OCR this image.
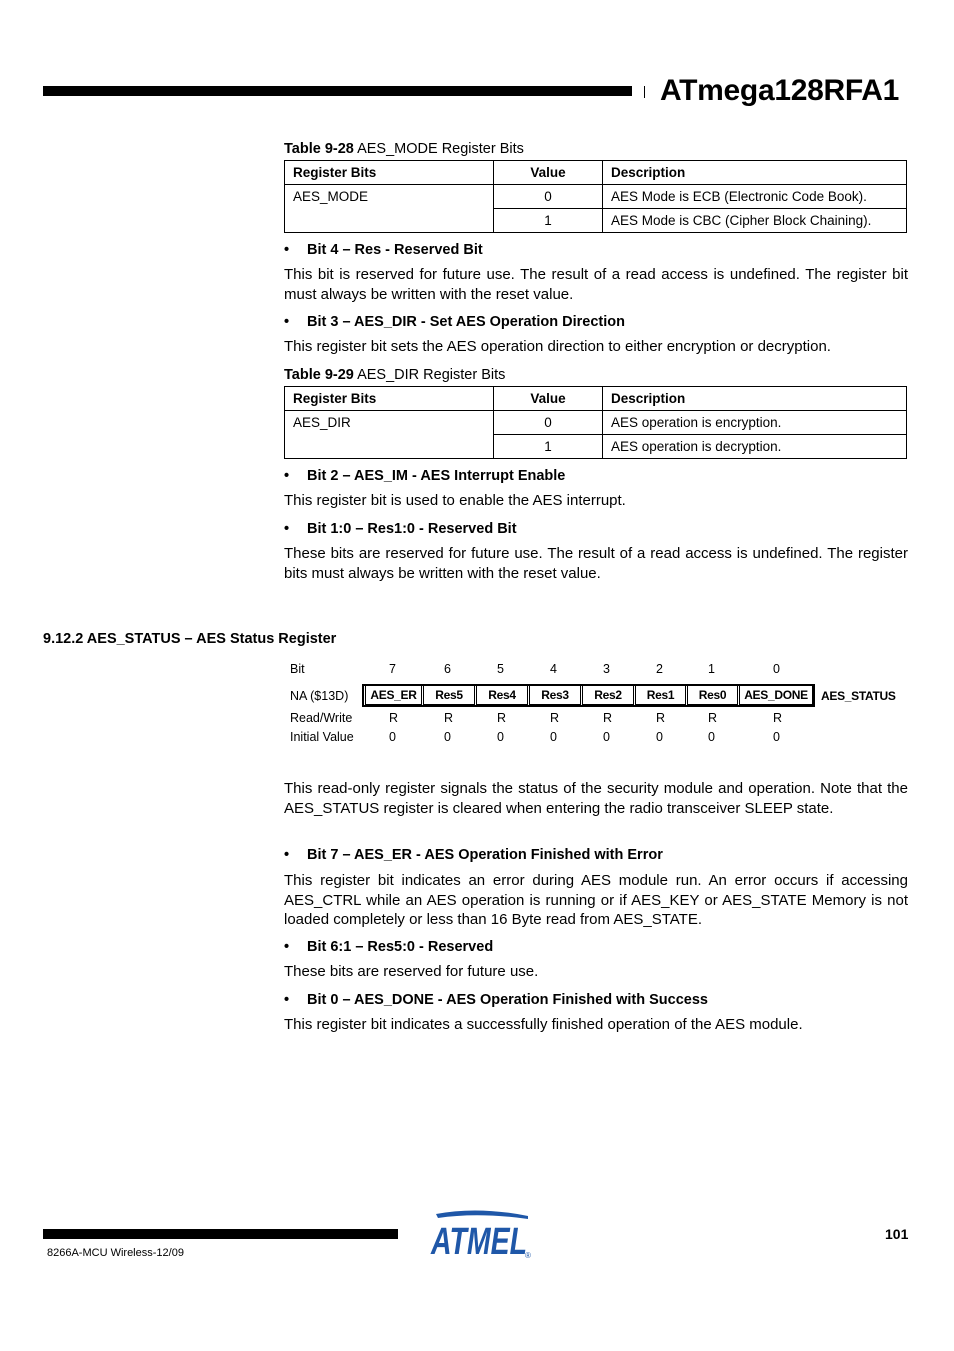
ATmega128RFA1
Table 9-28 AES_MODE Register Bits
Register Bits	Value	Description
AES_MODE	0	AES Mode is ECB (Electronic Code Book).
	1	AES Mode is CBC (Cipher Block Chaining).
• Bit 4 – Res - Reserved Bit
This bit is reserved for future use. The result of a read access is undefined. The register bit must always be written with the reset value.
• Bit 3 – AES_DIR - Set AES Operation Direction
This register bit sets the AES operation direction to either encryption or decryption.
Table 9-29 AES_DIR Register Bits
Register Bits	Value	Description
AES_DIR	0	AES operation is encryption.
	1	AES operation is decryption.
• Bit 2 – AES_IM - AES Interrupt Enable
This register bit is used to enable the AES interrupt.
• Bit 1:0 – Res1:0 - Reserved Bit
These bits are reserved for future use. The result of a read access is undefined. The register bits must always be written with the reset value.
9.12.2 AES_STATUS – AES Status Register
Bit	7	6	5	4	3	2	1	0
NA ($13D)	AES_ER	Res5	Res4	Res3	Res2	Res1	Res0	AES_DONE	AES_STATUS
Read/Write	R	R	R	R	R	R	R	R
Initial Value	0	0	0	0	0	0	0	0
This read-only register signals the status of the security module and operation. Note that the AES_STATUS register is cleared when entering the radio transceiver SLEEP state.
• Bit 7 – AES_ER - AES Operation Finished with Error
This register bit indicates an error during AES module run. An error occurs if accessing AES_CTRL while an AES operation is running or if AES_KEY or AES_STATE Memory is not loaded completely or less than 16 Byte read from AES_STATE.
• Bit 6:1 – Res5:0 - Reserved
These bits are reserved for future use.
• Bit 0 – AES_DONE - AES Operation Finished with Success
This register bit indicates a successfully finished operation of the AES module.
ATMEL
®
101
8266A-MCU Wireless-12/09
